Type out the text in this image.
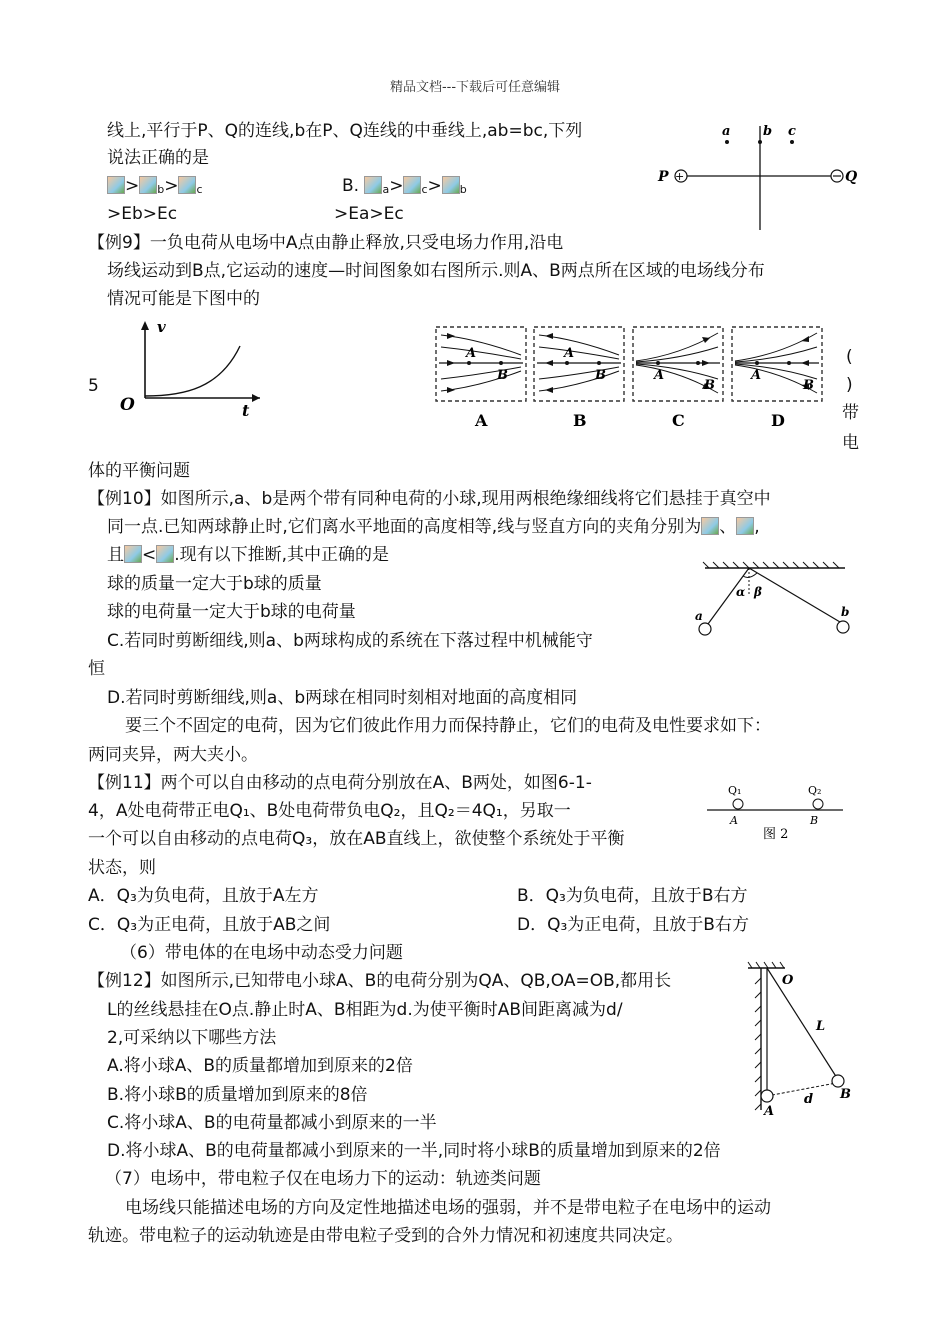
精品文档---下载后可任意编辑
线上,平行于P、Q的连线,b在P、Q连线的中垂线上,ab=bc,下列
说法正确的是
> b> c	B. a> c> b
>Eb>Ec	>Ea>Ec
+
P	Q
a	b c
【例9】一负电荷从电场中A点由静止释放,只受电场力作用,沿电
场线运动到B点,它运动的速度—时间图象如右图所示.则A、B两点所在区域的电场线分布
情况可能是下图中的
5
v
O	t
A
B
A
A
B
B
A
B
C
A
B
D
(
)
带
电
体的平衡问题
【例10】如图所示,a、b是两个带有同种电荷的小球,现用两根绝缘细线将它们悬挂于真空中
同一点.已知两球静止时,它们离水平地面的高度相等,线与竖直方向的夹角分别为 、 ,
且 < .现有以下推断,其中正确的是
球的质量一定大于b球的质量
球的电荷量一定大于b球的电荷量
C.若同时剪断细线,则a、b两球构成的系统在下落过程中机械能守
恒
D.若同时剪断细线,则a、b两球在相同时刻相对地面的高度相同
α β
a	b
要三个不固定的电荷，因为它们彼此作用力而保持静止，它们的电荷及电性要求如下：
两同夹异，两大夹小。
【例11】两个可以自由移动的点电荷分别放在A、B两处，如图6-1-
4，A处电荷带正电Q₁、B处电荷带负电Q₂，且Q₂＝4Q₁，另取一
一个可以自由移动的点电荷Q₃，放在AB直线上，欲使整个系统处于平衡
状态，则
Q₁	Q₂
A	B
图 2
A．Q₃为负电荷，且放于A左方	B．Q₃为负电荷，且放于B右方
C．Q₃为正电荷，且放于AB之间	D．Q₃为正电荷，且放于B右方
（6）带电体的在电场中动态受力问题
【例12】如图所示,已知带电小球A、B的电荷分别为QA、QB,OA=OB,都用长
L的丝线悬挂在O点.静止时A、B相距为d.为使平衡时AB间距离减为d/
2,可采纳以下哪些方法
A.将小球A、B的质量都增加到原来的2倍
B.将小球B的质量增加到原来的8倍
C.将小球A、B的电荷量都减小到原来的一半
D.将小球A、B的电荷量都减小到原来的一半,同时将小球B的质量增加到原来的2倍
O
L
A
B
d
（7）电场中，带电粒子仅在电场力下的运动：轨迹类问题
电场线只能描述电场的方向及定性地描述电场的强弱，并不是带电粒子在电场中的运动
轨迹。带电粒子的运动轨迹是由带电粒子受到的合外力情况和初速度共同决定。
